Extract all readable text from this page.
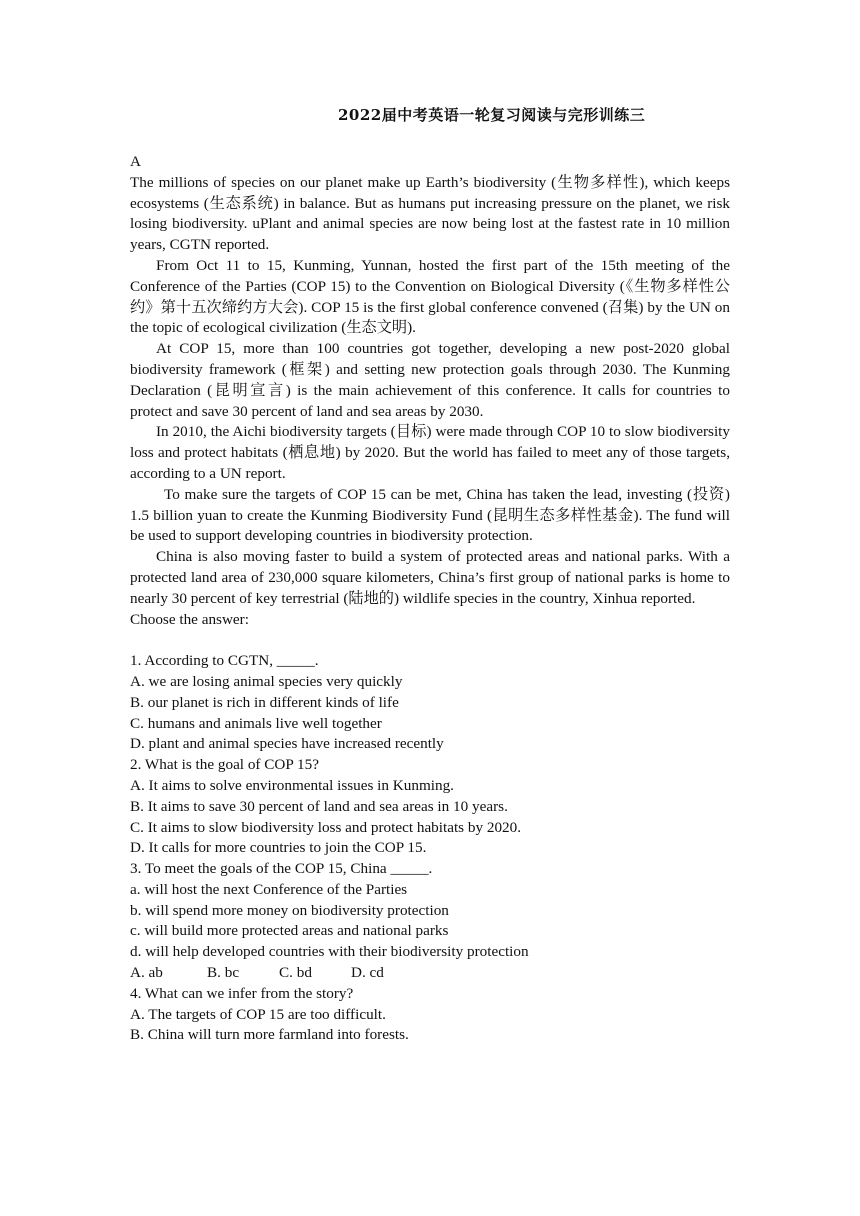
2022届中考英语一轮复习阅读与完形训练三
A

The millions of species on our planet make up Earth’s biodiversity (生物多样性), which keeps ecosystems (生态系统) in balance. But as humans put increasing pressure on the planet, we risk losing biodiversity. uPlant and animal species are now being lost at the fastest rate in 10 million years, CGTN reported.

From Oct 11 to 15, Kunming, Yunnan, hosted the first part of the 15th meeting of the Conference of the Parties (COP 15) to the Convention on Biological Diversity (《生物多样性公约》第十五次缔约方大会). COP 15 is the first global conference convened (召集) by the UN on the topic of ecological civilization (生态文明).

At COP 15, more than 100 countries got together, developing a new post-2020 global biodiversity framework (框架) and setting new protection goals through 2030. The Kunming Declaration (昆明宣言) is the main achievement of this conference. It calls for countries to protect and save 30 percent of land and sea areas by 2030.

In 2010, the Aichi biodiversity targets (目标) were made through COP 10 to slow biodiversity loss and protect habitats (栖息地) by 2020. But the world has failed to meet any of those targets, according to a UN report.

To make sure the targets of COP 15 can be met, China has taken the lead, investing (投资) 1.5 billion yuan to create the Kunming Biodiversity Fund (昆明生态多样性基金). The fund will be used to support developing countries in biodiversity protection.

China is also moving faster to build a system of protected areas and national parks. With a protected land area of 230,000 square kilometers, China’s first group of national parks is home to nearly 30 percent of key terrestrial (陆地的) wildlife species in the country, Xinhua reported.

Choose the answer:
1. According to CGTN, _____.
A. we are losing animal species very quickly
B. our planet is rich in different kinds of life
C. humans and animals live well together
D. plant and animal species have increased recently
2. What is the goal of COP 15?
A. It aims to solve environmental issues in Kunming.
B. It aims to save 30 percent of land and sea areas in 10 years.
C. It aims to slow biodiversity loss and protect habitats by 2020.
D. It calls for more countries to join the COP 15.
3. To meet the goals of the COP 15, China _____.
a. will host the next Conference of the Parties
b. will spend more money on biodiversity protection
c. will build more protected areas and national parks
d. will help developed countries with their biodiversity protection
A. ab	B. bc	C. bd	D. cd
4. What can we infer from the story?
A. The targets of COP 15 are too difficult.
B. China will turn more farmland into forests.
